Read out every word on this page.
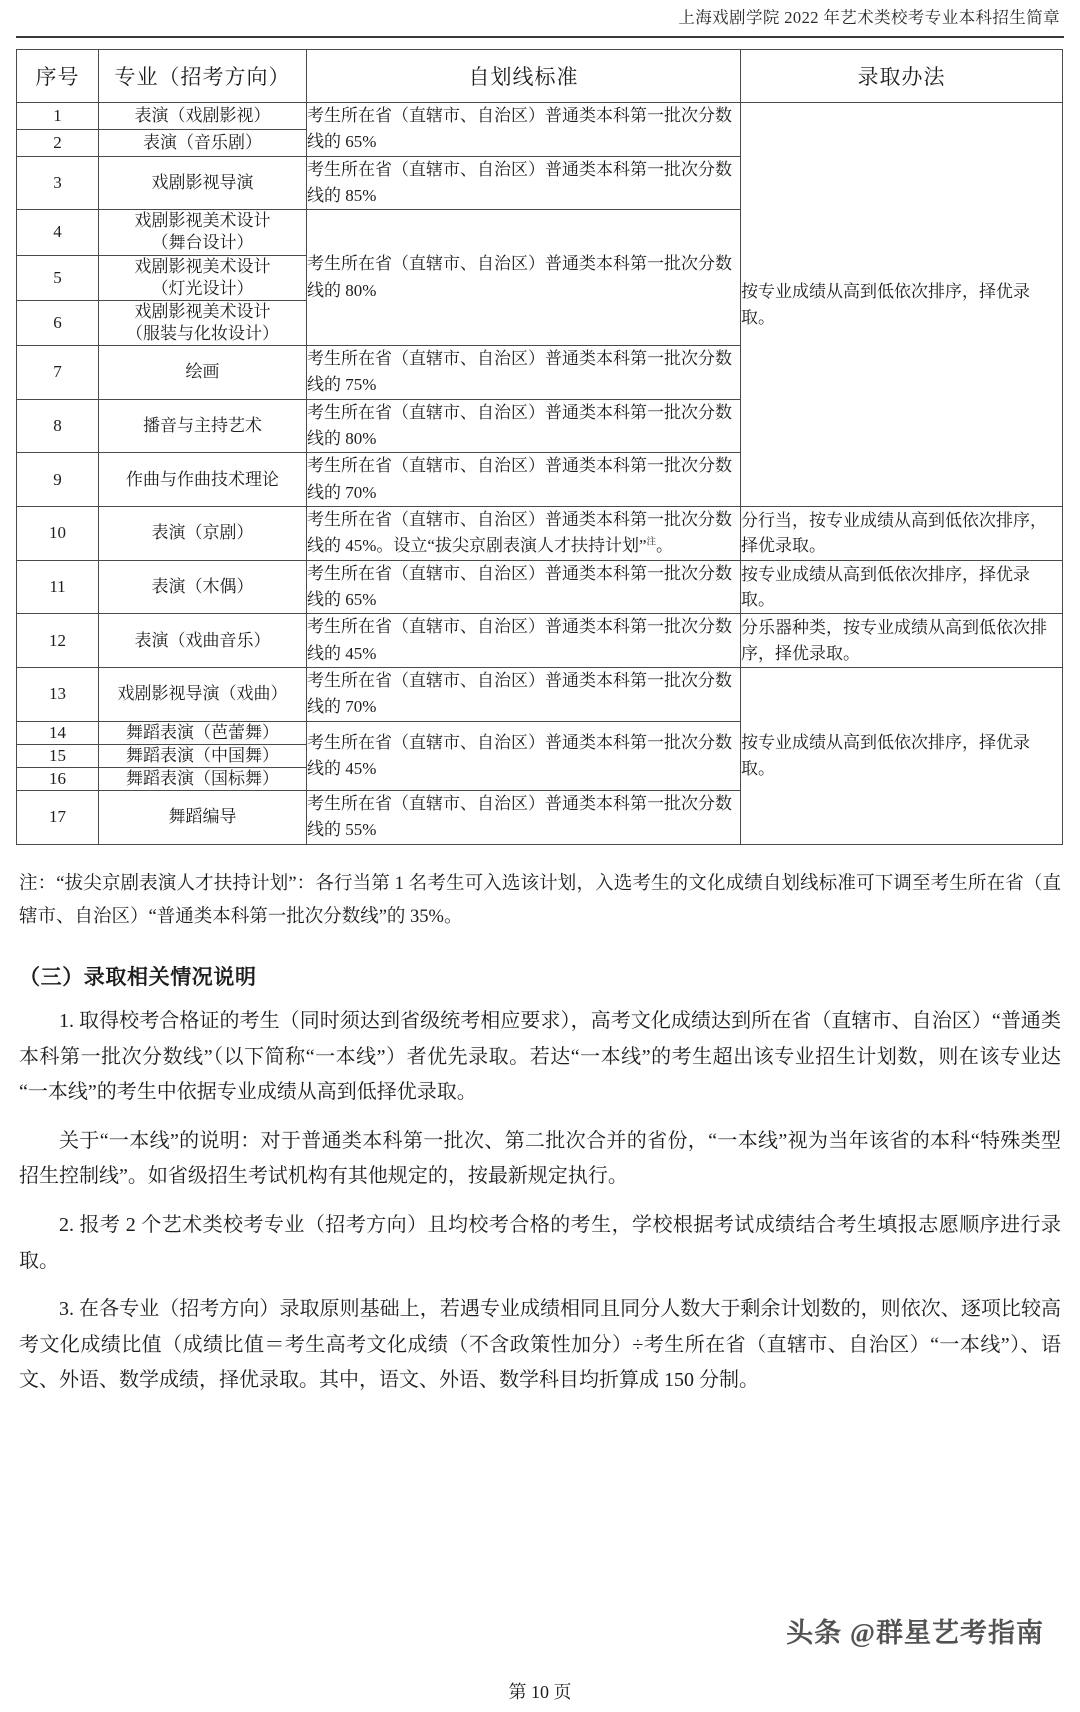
上海戏剧学院 2022 年艺术类校考专业本科招生简章
序号	专业（招考方向）	自划线标准	录取办法
1	表演（戏剧影视）	考生所在省（直辖市、自治区）普通类本科第一批次分数线的 65%	按专业成绩从高到低依次排序，择优录取。
2	表演（音乐剧）		
3	戏剧影视导演	考生所在省（直辖市、自治区）普通类本科第一批次分数线的 85%	
4	戏剧影视美术设计
（舞台设计）	考生所在省（直辖市、自治区）普通类本科第一批次分数线的 80%	
5	戏剧影视美术设计
（灯光设计）		
6	戏剧影视美术设计
（服装与化妆设计）		
7	绘画	考生所在省（直辖市、自治区）普通类本科第一批次分数线的 75%	
8	播音与主持艺术	考生所在省（直辖市、自治区）普通类本科第一批次分数线的 80%	
9	作曲与作曲技术理论	考生所在省（直辖市、自治区）普通类本科第一批次分数线的 70%	
10	表演（京剧）	考生所在省（直辖市、自治区）普通类本科第一批次分数线的 45%。设立“拔尖京剧表演人才扶持计划”$^注$。	分行当，按专业成绩从高到低依次排序，择优录取。
11	表演（木偶）	考生所在省（直辖市、自治区）普通类本科第一批次分数线的 65%	按专业成绩从高到低依次排序，择优录取。
12	表演（戏曲音乐）	考生所在省（直辖市、自治区）普通类本科第一批次分数线的 45%	分乐器种类，按专业成绩从高到低依次排序，择优录取。
13	戏剧影视导演（戏曲）	考生所在省（直辖市、自治区）普通类本科第一批次分数线的 70%	按专业成绩从高到低依次排序，择优录取。
14	舞蹈表演（芭蕾舞）	考生所在省（直辖市、自治区）普通类本科第一批次分数线的 45%	
15	舞蹈表演（中国舞）		
16	舞蹈表演（国标舞）		
17	舞蹈编导	考生所在省（直辖市、自治区）普通类本科第一批次分数线的 55%	
注：“拔尖京剧表演人才扶持计划”：各行当第 1 名考生可入选该计划，入选考生的文化成绩自划线标准可下调至考生所在省（直辖市、自治区）“普通类本科第一批次分数线”的 35%。
（三）录取相关情况说明

1. 取得校考合格证的考生（同时须达到省级统考相应要求），高考文化成绩达到所在省（直辖市、自治区）“普通类本科第一批次分数线”（以下简称“一本线”）者优先录取。若达“一本线”的考生超出该专业招生计划数，则在该专业达“一本线”的考生中依据专业成绩从高到低择优录取。

关于“一本线”的说明：对于普通类本科第一批次、第二批次合并的省份，“一本线”视为当年该省的本科“特殊类型招生控制线”。如省级招生考试机构有其他规定的，按最新规定执行。

2. 报考 2 个艺术类校考专业（招考方向）且均校考合格的考生，学校根据考试成绩结合考生填报志愿顺序进行录取。

3. 在各专业（招考方向）录取原则基础上，若遇专业成绩相同且同分人数大于剩余计划数的，则依次、逐项比较高考文化成绩比值（成绩比值＝考生高考文化成绩（不含政策性加分）÷考生所在省（直辖市、自治区）“一本线”）、语文、外语、数学成绩，择优录取。其中，语文、外语、数学科目均折算成 150 分制。

头条 @群星艺考指南
第 10 页
